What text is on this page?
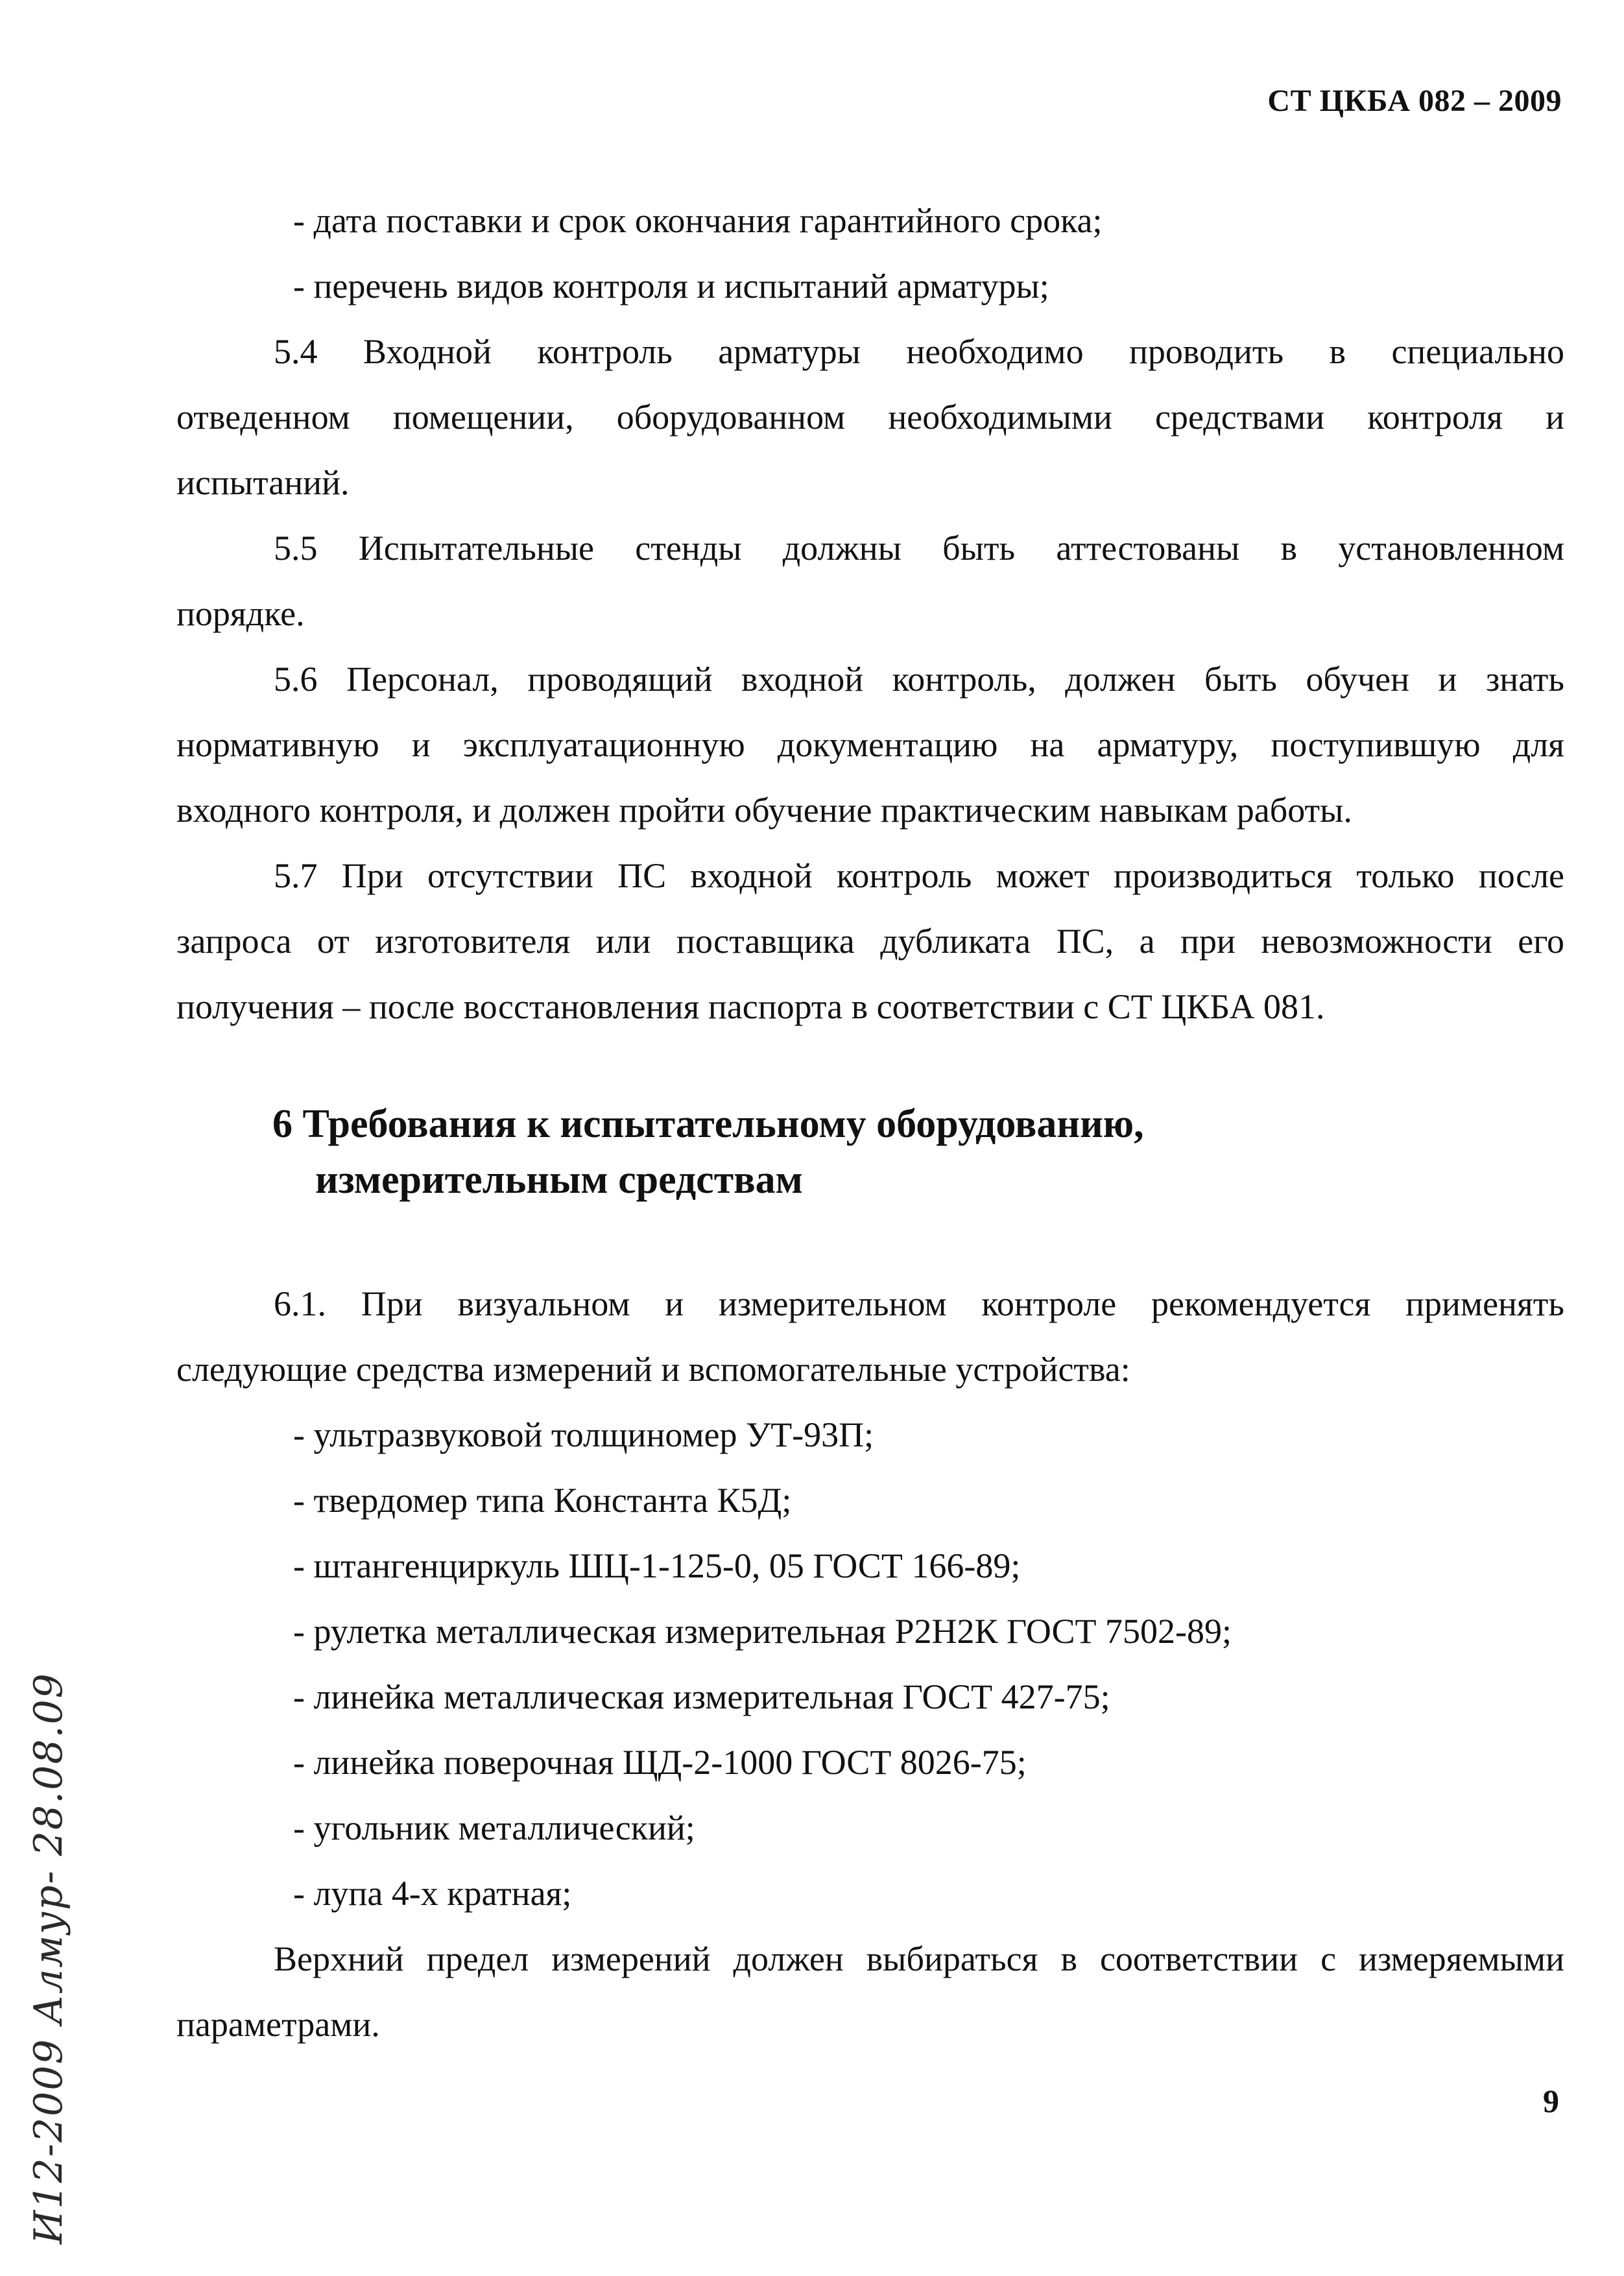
СТ ЦКБА 082 – 2009

- дата поставки и срок окончания гарантийного срока;

- перечень видов контроля и испытаний арматуры;

5.4 Входной контроль арматуры необходимо проводить в специально

отведенном помещении, оборудованном необходимыми средствами контроля и

испытаний.

5.5 Испытательные стенды должны быть аттестованы в установленном

порядке.

5.6 Персонал, проводящий входной контроль, должен быть обучен и знать

нормативную и эксплуатационную документацию на арматуру, поступившую для

входного контроля, и должен пройти обучение практическим навыкам работы.

5.7 При отсутствии ПС входной контроль может производиться только после

запроса от изготовителя или поставщика дубликата ПС, а при невозможности его

получения – после восстановления паспорта в соответствии с СТ ЦКБА 081.

6 Требования к испытательному оборудованию,
измерительным средствам

6.1. При визуальном и измерительном контроле рекомендуется применять

следующие средства измерений и вспомогательные устройства:

- ультразвуковой толщиномер УТ-93П;

- твердомер типа Константа К5Д;

- штангенциркуль ШЦ-1-125-0, 05 ГОСТ 166-89;

- рулетка металлическая измерительная Р2Н2К ГОСТ 7502-89;

- линейка металлическая измерительная ГОСТ 427-75;

- линейка поверочная ЩД-2-1000 ГОСТ 8026-75;

- угольник металлический;

- лупа 4-х кратная;

Верхний предел измерений должен выбираться в соответствии с измеряемыми

параметрами.

9
И12-2009 Алмур- 28.08.09
